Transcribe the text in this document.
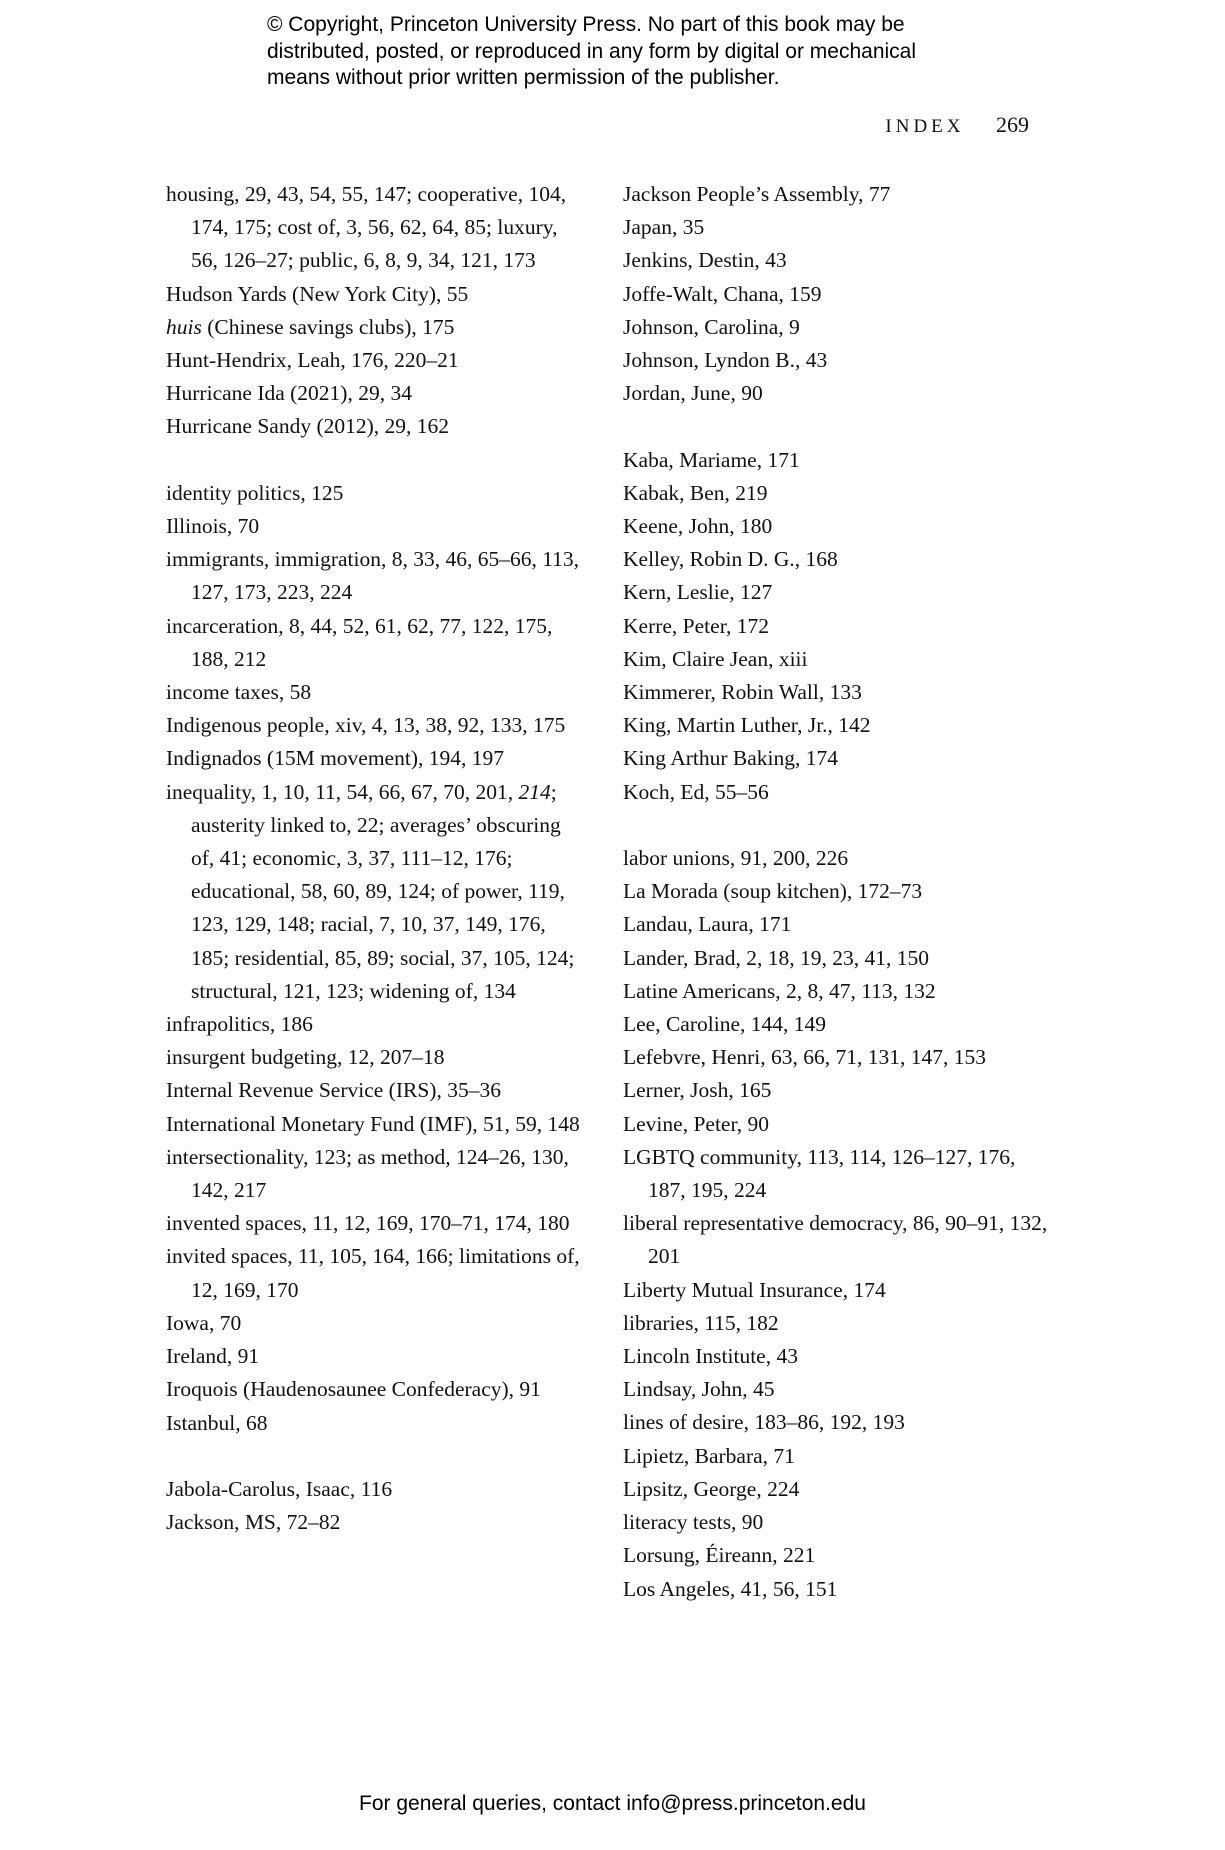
© Copyright, Princeton University Press. No part of this book may be
distributed, posted, or reproduced in any form by digital or mechanical
means without prior written permission of the publisher.
INDEX 269
housing, 29, 43, 54, 55, 147; cooperative, 104, 174, 175; cost of, 3, 56, 62, 64, 85; luxury, 56, 126–27; public, 6, 8, 9, 34, 121, 173
Hudson Yards (New York City), 55
huis (Chinese savings clubs), 175
Hunt-Hendrix, Leah, 176, 220–21
Hurricane Ida (2021), 29, 34
Hurricane Sandy (2012), 29, 162
identity politics, 125
Illinois, 70
immigrants, immigration, 8, 33, 46, 65–66, 113, 127, 173, 223, 224
incarceration, 8, 44, 52, 61, 62, 77, 122, 175, 188, 212
income taxes, 58
Indigenous people, xiv, 4, 13, 38, 92, 133, 175
Indignados (15M movement), 194, 197
inequality, 1, 10, 11, 54, 66, 67, 70, 201, 214; austerity linked to, 22; averages’ obscuring of, 41; economic, 3, 37, 111–12, 176; educational, 58, 60, 89, 124; of power, 119, 123, 129, 148; racial, 7, 10, 37, 149, 176, 185; residential, 85, 89; social, 37, 105, 124; structural, 121, 123; widening of, 134
infrapolitics, 186
insurgent budgeting, 12, 207–18
Internal Revenue Service (IRS), 35–36
International Monetary Fund (IMF), 51, 59, 148
intersectionality, 123; as method, 124–26, 130, 142, 217
invented spaces, 11, 12, 169, 170–71, 174, 180
invited spaces, 11, 105, 164, 166; limitations of, 12, 169, 170
Iowa, 70
Ireland, 91
Iroquois (Haudenosaunee Confederacy), 91
Istanbul, 68
Jabola-Carolus, Isaac, 116
Jackson, MS, 72–82
Jackson People’s Assembly, 77
Japan, 35
Jenkins, Destin, 43
Joffe-Walt, Chana, 159
Johnson, Carolina, 9
Johnson, Lyndon B., 43
Jordan, June, 90
Kaba, Mariame, 171
Kabak, Ben, 219
Keene, John, 180
Kelley, Robin D. G., 168
Kern, Leslie, 127
Kerre, Peter, 172
Kim, Claire Jean, xiii
Kimmerer, Robin Wall, 133
King, Martin Luther, Jr., 142
King Arthur Baking, 174
Koch, Ed, 55–56
labor unions, 91, 200, 226
La Morada (soup kitchen), 172–73
Landau, Laura, 171
Lander, Brad, 2, 18, 19, 23, 41, 150
Latine Americans, 2, 8, 47, 113, 132
Lee, Caroline, 144, 149
Lefebvre, Henri, 63, 66, 71, 131, 147, 153
Lerner, Josh, 165
Levine, Peter, 90
LGBTQ community, 113, 114, 126–127, 176, 187, 195, 224
liberal representative democracy, 86, 90–91, 132, 201
Liberty Mutual Insurance, 174
libraries, 115, 182
Lincoln Institute, 43
Lindsay, John, 45
lines of desire, 183–86, 192, 193
Lipietz, Barbara, 71
Lipsitz, George, 224
literacy tests, 90
Lorsung, Éireann, 221
Los Angeles, 41, 56, 151
For general queries, contact info@press.princeton.edu
